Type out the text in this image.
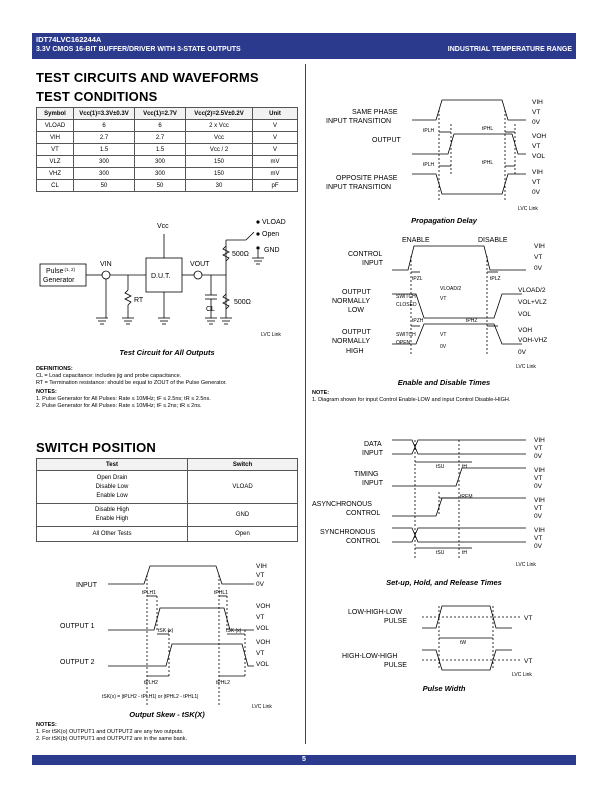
IDT74LVC162244A
3.3V CMOS 16-BIT BUFFER/DRIVER WITH 3-STATE OUTPUTS	INDUSTRIAL TEMPERATURE RANGE
TEST CIRCUITS AND WAVEFORMS
TEST CONDITIONS
Symbol	Vcc(1)=3.3V±0.3V	Vcc(1)=2.7V	Vcc(2)=2.5V±0.2V	Unit
VLOAD	6	6	2 x Vcc	V
VIH	2.7	2.7	Vcc	V
VT	1.5	1.5	Vcc / 2	V
VLZ	300	300	150	mV
VHZ	300	300	150	mV
CL	50	50	30	pF
Vcc
VLOAD
Open
GND
500Ω
500Ω
Pulse$^{(1, 2)}$
Generator
VIN	VOUT
D.U.T.
RT
CL
LVC Link
Test Circuit for All Outputs
DEFINITIONS:
CL = Load capacitance: includes jig and probe capacitance.
RT = Termination resistance: should be equal to ZOUT of the Pulse Generator.
NOTES:
1. Pulse Generator for All Pulses: Rate ≤ 10MHz; tF ≤ 2.5ns; tR ≤ 2.5ns.
2. Pulse Generator for All Pulses: Rate ≤ 10MHz; tF ≤ 2ns; tR ≤ 2ns.
SWITCH POSITION
Test	Switch

Open Drain
Disable Low
Enable Low	VLOAD

Disable High
Enable High	GND
All Other Tests	Open
VIH
VT
0V
VOH
VT
VOL
VOH
VT
VOL
INPUT
OUTPUT 1
OUTPUT 2
tPLH1	tPHL1
tSK (x)	tSK (x)
tPLH2	tPHL2
tSK(x) = |tPLH2 - tPLH1| or |tPHL2 - tPHL1|
LVC Link
Output Skew - tSK(X)
NOTES:
1. For tSK(o) OUTPUT1 and OUTPUT2 are any two outputs.
2. For tSK(b) OUTPUT1 and OUTPUT2 are in the same bank.
VIH
VT
0V
VOH
VT
VOL
VIH
VT
0V
SAME PHASE
INPUT TRANSITION
OUTPUT
OPPOSITE PHASE
INPUT TRANSITION
tPLH	tPHL
tPLH	tPHL
LVC Link
Propagation Delay
VIH
VT
0V
VLOAD/2
VOL+VLZ
VOL
VOH
VOH-VHZ
0V
ENABLE	DISABLE
CONTROL
INPUT
OUTPUT
NORMALLY
LOW
OUTPUT
NORMALLY
HIGH
SWITCH
CLOSED
SWITCH
OPEN
VLOAD/2
VT
VT
0V
tPZL	tPLZ
tPZH	tPHZ
LVC Link
Enable and Disable Times
NOTE:
1. Diagram shown for input Control Enable-LOW and input Control Disable-HIGH.
VIH
VT
0V
VIH
VT
0V
VIH
VT
0V
VIH
VT
0V
DATA
INPUT
TIMING
INPUT
ASYNCHRONOUS
CONTROL
SYNCHRONOUS
CONTROL
tSU	tH
tREM
tSU	tH
LVC Link
Set-up, Hold, and Release Times
VT
VT
LOW-HIGH-LOW
PULSE
HIGH-LOW-HIGH
PULSE
tW
LVC Link
Pulse Width
5
